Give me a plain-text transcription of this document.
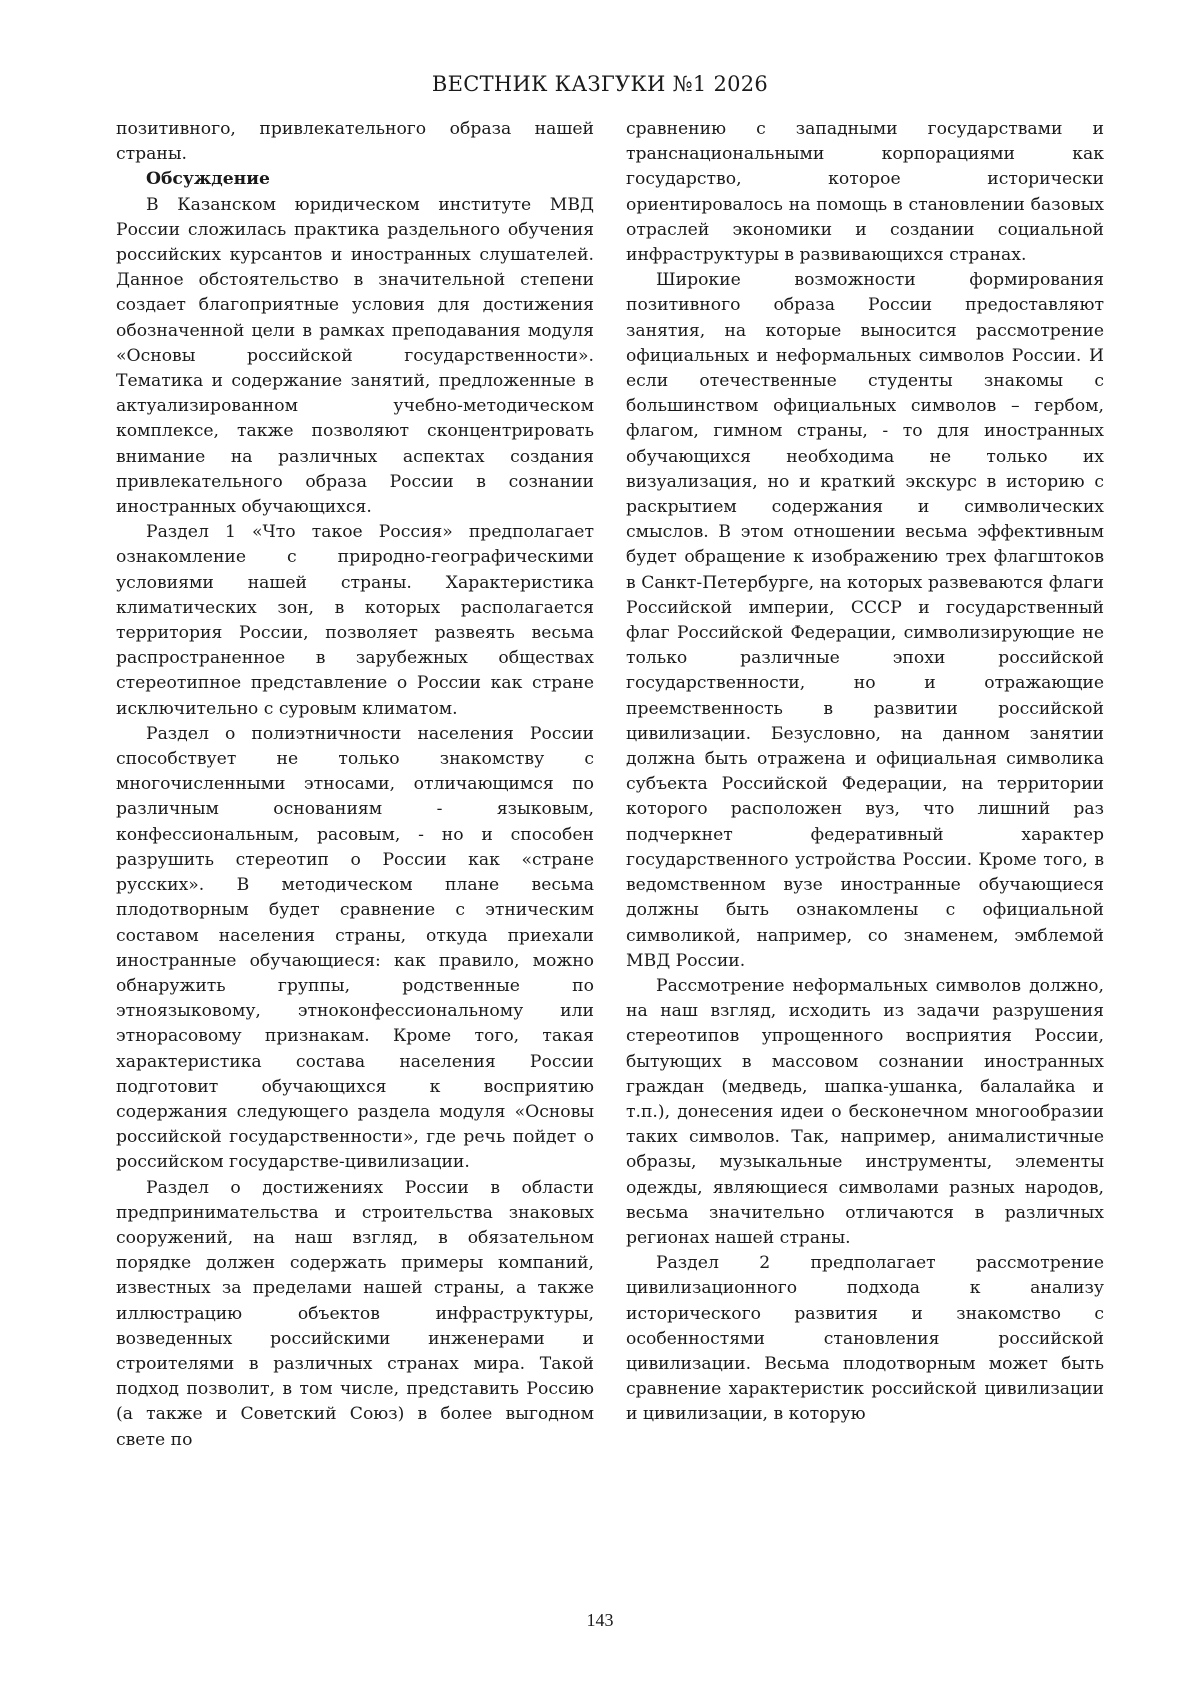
ВЕСТНИК КАЗГУКИ №1 2026

позитивного, привлекательного образа нашей страны.

Обсуждение

В Казанском юридическом институте МВД России сложилась практика раздельного обучения российских курсантов и иностранных слушателей. Данное обстоятельство в значительной степени создает благоприятные условия для достижения обозначенной цели в рамках преподавания модуля «Основы российской государственности». Тематика и содержание занятий, предложенные в актуализированном учебно-методическом комплексе, также позволяют сконцентрировать внимание на различных аспектах создания привлекательного образа России в сознании иностранных обучающихся.

Раздел 1 «Что такое Россия» предполагает ознакомление с природно-географическими условиями нашей страны. Характеристика климатических зон, в которых располагается территория России, позволяет развеять весьма распространенное в зарубежных обществах стереотипное представление о России как стране исключительно с суровым климатом.

Раздел о полиэтничности населения России способствует не только знакомству с многочисленными этносами, отличающимся по различным основаниям - языковым, конфессиональным, расовым, - но и способен разрушить стереотип о России как «стране русских». В методическом плане весьма плодотворным будет сравнение с этническим составом населения страны, откуда приехали иностранные обучающиеся: как правило, можно обнаружить группы, родственные по этноязыковому, этноконфессиональному или этнорасовому признакам. Кроме того, такая характеристика состава населения России подготовит обучающихся к восприятию содержания следующего раздела модуля «Основы российской государственности», где речь пойдет о российском государстве-цивилизации.

Раздел о достижениях России в области предпринимательства и строительства знаковых сооружений, на наш взгляд, в обязательном порядке должен содержать примеры компаний, известных за пределами нашей страны, а также иллюстрацию объектов инфраструктуры, возведенных российскими инженерами и строителями в различных странах мира. Такой подход позволит, в том числе, представить Россию (а также и Советский Союз) в более выгодном свете по

сравнению с западными государствами и транснациональными корпорациями как государство, которое исторически ориентировалось на помощь в становлении базовых отраслей экономики и создании социальной инфраструктуры в развивающихся странах.

Широкие возможности формирования позитивного образа России предоставляют занятия, на которые выносится рассмотрение официальных и неформальных символов России. И если отечественные студенты знакомы с большинством официальных символов – гербом, флагом, гимном страны, - то для иностранных обучающихся необходима не только их визуализация, но и краткий экскурс в историю с раскрытием содержания и символических смыслов. В этом отношении весьма эффективным будет обращение к изображению трех флагштоков в Санкт-Петербурге, на которых развеваются флаги Российской империи, СССР и государственный флаг Российской Федерации, символизирующие не только различные эпохи российской государственности, но и отражающие преемственность в развитии российской цивилизации. Безусловно, на данном занятии должна быть отражена и официальная символика субъекта Российской Федерации, на территории которого расположен вуз, что лишний раз подчеркнет федеративный характер государственного устройства России. Кроме того, в ведомственном вузе иностранные обучающиеся должны быть ознакомлены с официальной символикой, например, со знаменем, эмблемой МВД России.

Рассмотрение неформальных символов должно, на наш взгляд, исходить из задачи разрушения стереотипов упрощенного восприятия России, бытующих в массовом сознании иностранных граждан (медведь, шапка-ушанка, балалайка и т.п.), донесения идеи о бесконечном многообразии таких символов. Так, например, анималистичные образы, музыкальные инструменты, элементы одежды, являющиеся символами разных народов, весьма значительно отличаются в различных регионах нашей страны.

Раздел 2 предполагает рассмотрение цивилизационного подхода к анализу исторического развития и знакомство с особенностями становления российской цивилизации. Весьма плодотворным может быть сравнение характеристик российской цивилизации и цивилизации, в которую

143
